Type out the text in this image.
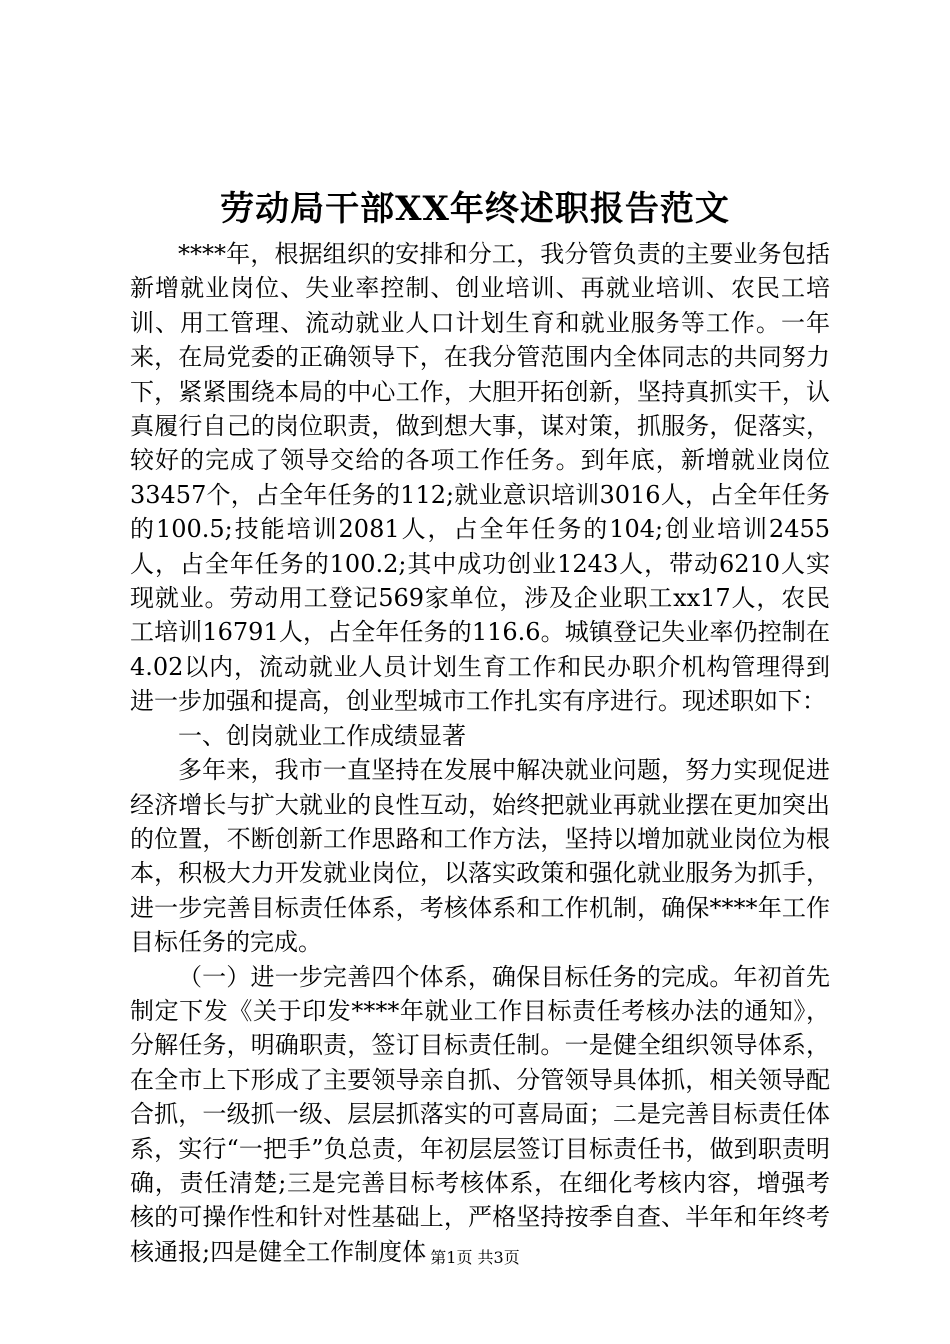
劳动局干部XX年终述职报告范文

****年，根据组织的安排和分工，我分管负责的主要业务包括新增就业岗位、失业率控制、创业培训、再就业培训、农民工培训、用工管理、流动就业人口计划生育和就业服务等工作。一年来，在局党委的正确领导下，在我分管范围内全体同志的共同努力下，紧紧围绕本局的中心工作，大胆开拓创新，坚持真抓实干，认真履行自己的岗位职责，做到想大事，谋对策，抓服务，促落实，较好的完成了领导交给的各项工作任务。到年底，新增就业岗位33457个，占全年任务的112;就业意识培训3016人，占全年任务的100.5;技能培训2081人，占全年任务的104;创业培训2455人，占全年任务的100.2;其中成功创业1243人，带动6210人实现就业。劳动用工登记569家单位，涉及企业职工xx17人，农民工培训16791人，占全年任务的116.6。城镇登记失业率仍控制在4.02以内，流动就业人员计划生育工作和民办职介机构管理得到进一步加强和提高，创业型城市工作扎实有序进行。现述职如下：

一、创岗就业工作成绩显著

多年来，我市一直坚持在发展中解决就业问题，努力实现促进经济增长与扩大就业的良性互动，始终把就业再就业摆在更加突出的位置，不断创新工作思路和工作方法，坚持以增加就业岗位为根本，积极大力开发就业岗位，以落实政策和强化就业服务为抓手，进一步完善目标责任体系，考核体系和工作机制，确保****年工作目标任务的完成。

（一）进一步完善四个体系，确保目标任务的完成。年初首先制定下发《关于印发****年就业工作目标责任考核办法的通知》，分解任务，明确职责，签订目标责任制。一是健全组织领导体系，在全市上下形成了主要领导亲自抓、分管领导具体抓，相关领导配合抓，一级抓一级、层层抓落实的可喜局面；二是完善目标责任体系，实行“一把手”负总责，年初层层签订目标责任书，做到职责明确，责任清楚;三是完善目标考核体系，在细化考核内容，增强考核的可操作性和针对性基础上，严格坚持按季自查、半年和年终考核通报;四是健全工作制度体 第1页 共3页
